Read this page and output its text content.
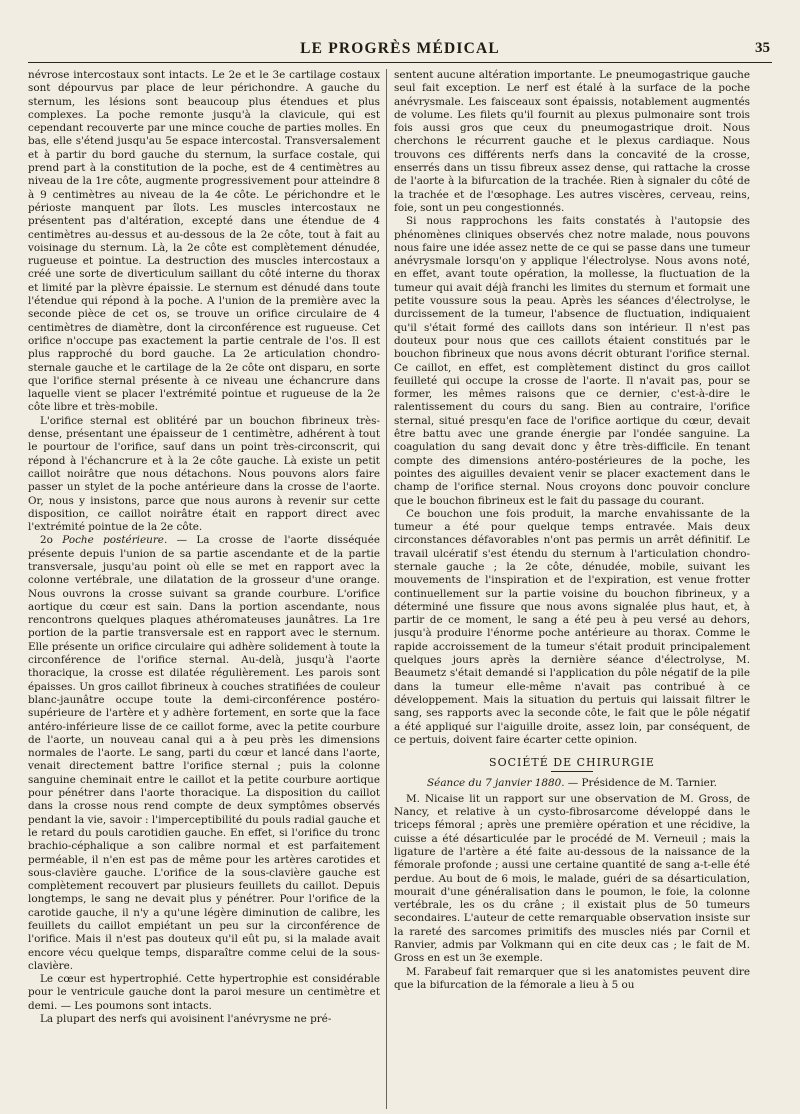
LE PROGRÈS MÉDICAL	35

névrose intercostaux sont intacts. Le 2e et le 3e cartilage costaux sont dépourvus par place de leur périchondre. A gauche du sternum, les lésions sont beaucoup plus étendues et plus complexes. La poche remonte jusqu'à la clavicule, qui est cependant recouverte par une mince couche de parties molles. En bas, elle s'étend jusqu'au 5e espace intercostal. Transversalement et à partir du bord gauche du sternum, la surface costale, qui prend part à la constitution de la poche, est de 4 centimètres au niveau de la 1re côte, augmente progressivement pour atteindre 8 à 9 centimètres au niveau de la 4e côte. Le périchondre et le périoste manquent par îlots. Les muscles intercostaux ne présentent pas d'altération, excepté dans une étendue de 4 centimètres au-dessus et au-dessous de la 2e côte, tout à fait au voisinage du sternum. Là, la 2e côte est complètement dénudée, rugueuse et pointue. La destruction des muscles intercostaux a créé une sorte de diverticulum saillant du côté interne du thorax et limité par la plèvre épaissie. Le sternum est dénudé dans toute l'étendue qui répond à la poche. A l'union de la première avec la seconde pièce de cet os, se trouve un orifice circulaire de 4 centimètres de diamètre, dont la circonférence est rugueuse. Cet orifice n'occupe pas exactement la partie centrale de l'os. Il est plus rapproché du bord gauche. La 2e articulation chondro-sternale gauche et le cartilage de la 2e côte ont disparu, en sorte que l'orifice sternal présente à ce niveau une échancrure dans laquelle vient se placer l'extrémité pointue et rugueuse de la 2e côte libre et très-mobile.

L'orifice sternal est oblitéré par un bouchon fibrineux très-dense, présentant une épaisseur de 1 centimètre, adhérent à tout le pourtour de l'orifice, sauf dans un point très-circonscrit, qui répond à l'échancrure et à la 2e côte gauche. Là existe un petit caillot noirâtre que nous détachons. Nous pouvons alors faire passer un stylet de la poche antérieure dans la crosse de l'aorte. Or, nous y insistons, parce que nous aurons à revenir sur cette disposition, ce caillot noirâtre était en rapport direct avec l'extrémité pointue de la 2e côte.

2o Poche postérieure. — La crosse de l'aorte disséquée présente depuis l'union de sa partie ascendante et de la partie transversale, jusqu'au point où elle se met en rapport avec la colonne vertébrale, une dilatation de la grosseur d'une orange. Nous ouvrons la crosse suivant sa grande courbure. L'orifice aortique du cœur est sain. Dans la portion ascendante, nous rencontrons quelques plaques athéromateuses jaunâtres. La 1re portion de la partie transversale est en rapport avec le sternum. Elle présente un orifice circulaire qui adhère solidement à toute la circonférence de l'orifice sternal. Au-delà, jusqu'à l'aorte thoracique, la crosse est dilatée régulièrement. Les parois sont épaisses. Un gros caillot fibrineux à couches stratifiées de couleur blanc-jaunâtre occupe toute la demi-circonférence postéro-supérieure de l'artère et y adhère fortement, en sorte que la face antéro-inférieure lisse de ce caillot forme, avec la petite courbure de l'aorte, un nouveau canal qui a à peu près les dimensions normales de l'aorte. Le sang, parti du cœur et lancé dans l'aorte, venait directement battre l'orifice sternal ; puis la colonne sanguine cheminait entre le caillot et la petite courbure aortique pour pénétrer dans l'aorte thoracique. La disposition du caillot dans la crosse nous rend compte de deux symptômes observés pendant la vie, savoir : l'imperceptibilité du pouls radial gauche et le retard du pouls carotidien gauche. En effet, si l'orifice du tronc brachio-céphalique a son calibre normal et est parfaitement perméable, il n'en est pas de même pour les artères carotides et sous-clavière gauche. L'orifice de la sous-clavière gauche est complètement recouvert par plusieurs feuillets du caillot. Depuis longtemps, le sang ne devait plus y pénétrer. Pour l'orifice de la carotide gauche, il n'y a qu'une légère diminution de calibre, les feuillets du caillot empiétant un peu sur la circonférence de l'orifice. Mais il n'est pas douteux qu'il eût pu, si la malade avait encore vécu quelque temps, disparaître comme celui de la sous-clavière.

Le cœur est hypertrophié. Cette hypertrophie est considérable pour le ventricule gauche dont la paroi mesure un centimètre et demi. — Les poumons sont intacts.

La plupart des nerfs qui avoisinent l'anévrysme ne pré-

sentent aucune altération importante. Le pneumogastrique gauche seul fait exception. Le nerf est étalé à la surface de la poche anévrysmale. Les faisceaux sont épaissis, notablement augmentés de volume. Les filets qu'il fournit au plexus pulmonaire sont trois fois aussi gros que ceux du pneumogastrique droit. Nous cherchons le récurrent gauche et le plexus cardiaque. Nous trouvons ces différents nerfs dans la concavité de la crosse, enserrés dans un tissu fibreux assez dense, qui rattache la crosse de l'aorte à la bifurcation de la trachée. Rien à signaler du côté de la trachée et de l'œsophage. Les autres viscères, cerveau, reins, foie, sont un peu congestionnés.

Si nous rapprochons les faits constatés à l'autopsie des phénomènes cliniques observés chez notre malade, nous pouvons nous faire une idée assez nette de ce qui se passe dans une tumeur anévrysmale lorsqu'on y applique l'électrolyse. Nous avons noté, en effet, avant toute opération, la mollesse, la fluctuation de la tumeur qui avait déjà franchi les limites du sternum et formait une petite voussure sous la peau. Après les séances d'électrolyse, le durcissement de la tumeur, l'absence de fluctuation, indiquaient qu'il s'était formé des caillots dans son intérieur. Il n'est pas douteux pour nous que ces caillots étaient constitués par le bouchon fibrineux que nous avons décrit obturant l'orifice sternal. Ce caillot, en effet, est complètement distinct du gros caillot feuilleté qui occupe la crosse de l'aorte. Il n'avait pas, pour se former, les mêmes raisons que ce dernier, c'est-à-dire le ralentissement du cours du sang. Bien au contraire, l'orifice sternal, situé presqu'en face de l'orifice aortique du cœur, devait être battu avec une grande énergie par l'ondée sanguine. La coagulation du sang devait donc y être très-difficile. En tenant compte des dimensions antéro-postérieures de la poche, les pointes des aiguilles devaient venir se placer exactement dans le champ de l'orifice sternal. Nous croyons donc pouvoir conclure que le bouchon fibrineux est le fait du passage du courant.

Ce bouchon une fois produit, la marche envahissante de la tumeur a été pour quelque temps entravée. Mais deux circonstances défavorables n'ont pas permis un arrêt définitif. Le travail ulcératif s'est étendu du sternum à l'articulation chondro-sternale gauche ; la 2e côte, dénudée, mobile, suivant les mouvements de l'inspiration et de l'expiration, est venue frotter continuellement sur la partie voisine du bouchon fibrineux, y a déterminé une fissure que nous avons signalée plus haut, et, à partir de ce moment, le sang a été peu à peu versé au dehors, jusqu'à produire l'énorme poche antérieure au thorax. Comme le rapide accroissement de la tumeur s'était produit principalement quelques jours après la dernière séance d'électrolyse, M. Beaumetz s'était demandé si l'application du pôle négatif de la pile dans la tumeur elle-même n'avait pas contribué à ce développement. Mais la situation du pertuis qui laissait filtrer le sang, ses rapports avec la seconde côte, le fait que le pôle négatif a été appliqué sur l'aiguille droite, assez loin, par conséquent, de ce pertuis, doivent faire écarter cette opinion.

SOCIÉTÉ DE CHIRURGIE
Séance du 7 janvier 1880. — Présidence de M. Tarnier.

M. Nicaise lit un rapport sur une observation de M. Gross, de Nancy, et relative à un cysto-fibrosarcome développé dans le triceps fémoral ; après une première opération et une récidive, la cuisse a été désarticulée par le procédé de M. Verneuil ; mais la ligature de l'artère a été faite au-dessous de la naissance de la fémorale profonde ; aussi une certaine quantité de sang a-t-elle été perdue. Au bout de 6 mois, le malade, guéri de sa désarticulation, mourait d'une généralisation dans le poumon, le foie, la colonne vertébrale, les os du crâne ; il existait plus de 50 tumeurs secondaires. L'auteur de cette remarquable observation insiste sur la rareté des sarcomes primitifs des muscles niés par Cornil et Ranvier, admis par Volkmann qui en cite deux cas ; le fait de M. Gross en est un 3e exemple.

M. Farabeuf fait remarquer que si les anatomistes peuvent dire que la bifurcation de la fémorale a lieu à 5 ou
